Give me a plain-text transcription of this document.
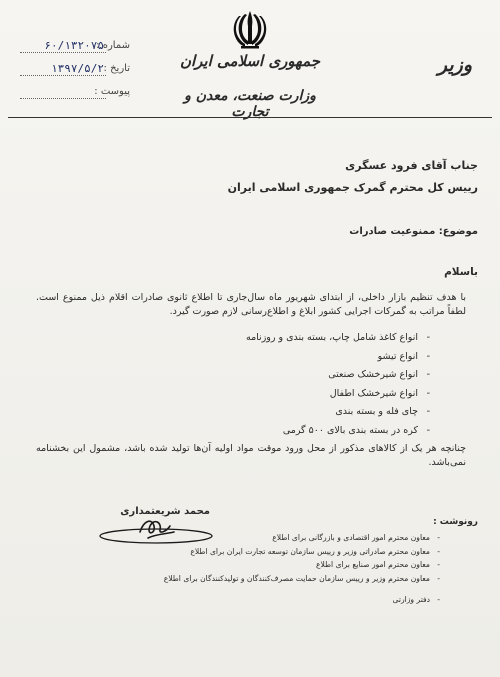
جمهوری اسلامی ایران
وزارت صنعت، معدن و تجارت
وزیر
شماره :
۶۰/۱۳۲۰۷۵
تاریخ :
۱۳۹۷/۵/۲
پیوست :
جناب آقای فرود عسگری
رییس کل محترم گمرک جمهوری اسلامی ایران
موضوع: ممنوعیت صادرات
باسلام
با هدف تنظیم بازار داخلی، از ابتدای شهریور ماه سال‌جاری تا اطلاع ثانوی صادرات اقلام ذیل ممنوع است. لطفاً مراتب به گمرکات اجرایی کشور ابلاغ و اطلاع‌رسانی لازم صورت گیرد.
- انواع کاغذ شامل چاپ، بسته بندی و روزنامه
- انواع تیشو
- انواع شیرخشک صنعتی
- انواع شیرخشک اطفال
- چای فله و بسته بندی
- کره در بسته بندی بالای ۵۰۰ گرمی
چنانچه هر یک از کالاهای مذکور از محل ورود موقت مواد اولیه آن‌ها تولید شده باشد، مشمول این بخشنامه نمی‌باشد.
محمد شریعتمداری
رونوشت :
- معاون محترم امور اقتصادی و بازرگانی برای اطلاع
- معاون محترم صادراتی وزیر و رییس سازمان توسعه تجارت ایران برای اطلاع
- معاون محترم امور صنایع برای اطلاع
- معاون محترم وزیر و رییس سازمان حمایت مصرف‌کنندگان و تولیدکنندگان برای اطلاع
- دفتر وزارتی
